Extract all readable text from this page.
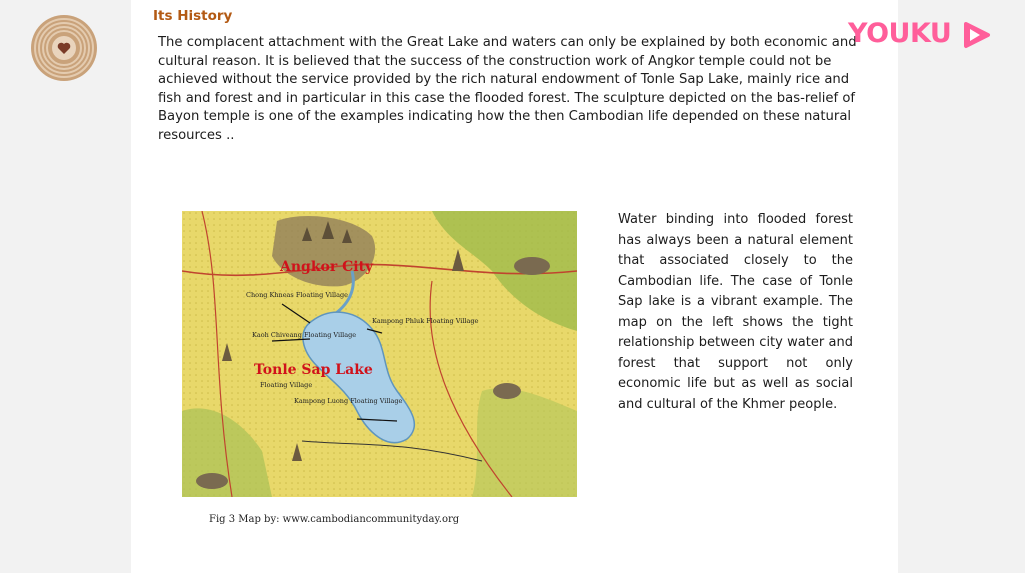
Its History

The complacent attachment with the Great Lake and waters can only be explained by both economic and cultural reason. It is believed that the success of the construction work of Angkor temple could not be achieved without the service provided by the rich natural endowment of Tonle Sap Lake, mainly rice and fish and forest and in particular in this case the flooded forest. The sculpture depicted on the bas-relief of Bayon temple is one of the examples indicating how the then Cambodian life depended on these natural resources ..

Angkor City
Tonle Sap Lake
Chong Khneas Floating Village
Kaoh Chiveang Floating Village
Kampong Phluk Floating Village
Floating Village
Kampong Luong Floating Village
Fig 3 Map by: www.cambodiancommunityday.org

Water binding into flooded forest has always been a natural element that associated closely to the Cambodian life. The case of Tonle Sap lake is a vibrant example. The map on the left shows the tight relationship between city water and forest that support not only economic life but as well as social and cultural of the Khmer people.

YOUKU
